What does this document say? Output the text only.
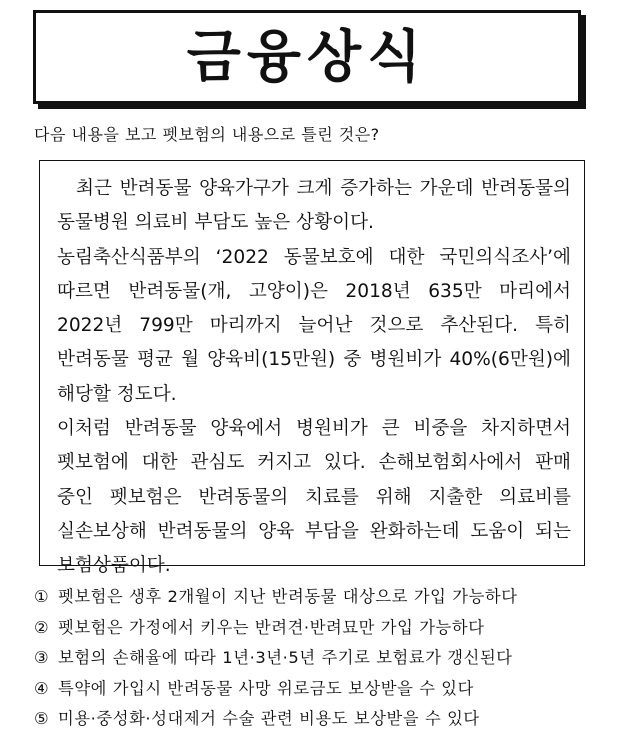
금융상식
다음 내용을 보고 펫보험의 내용으로 틀린 것은?

최근 반려동물 양육가구가 크게 증가하는 가운데 반려동물의 동물병원 의료비 부담도 높은 상황이다.

농림축산식품부의 ‘2022 동물보호에 대한 국민의식조사’에 따르면 반려동물(개, 고양이)은 2018년 635만 마리에서 2022년 799만 마리까지 늘어난 것으로 추산된다. 특히 반려동물 평균 월 양육비(15만원) 중 병원비가 40%(6만원)에 해당할 정도다.

이처럼 반려동물 양육에서 병원비가 큰 비중을 차지하면서 펫보험에 대한 관심도 커지고 있다. 손해보험회사에서 판매 중인 펫보험은 반려동물의 치료를 위해 지출한 의료비를 실손보상해 반려동물의 양육 부담을 완화하는데 도움이 되는 보험상품이다.

① 펫보험은 생후 2개월이 지난 반려동물 대상으로 가입 가능하다
② 펫보험은 가정에서 키우는 반려견·반려묘만 가입 가능하다
③ 보험의 손해율에 따라 1년·3년·5년 주기로 보험료가 갱신된다
④ 특약에 가입시 반려동물 사망 위로금도 보상받을 수 있다
⑤ 미용·중성화·성대제거 수술 관련 비용도 보상받을 수 있다
